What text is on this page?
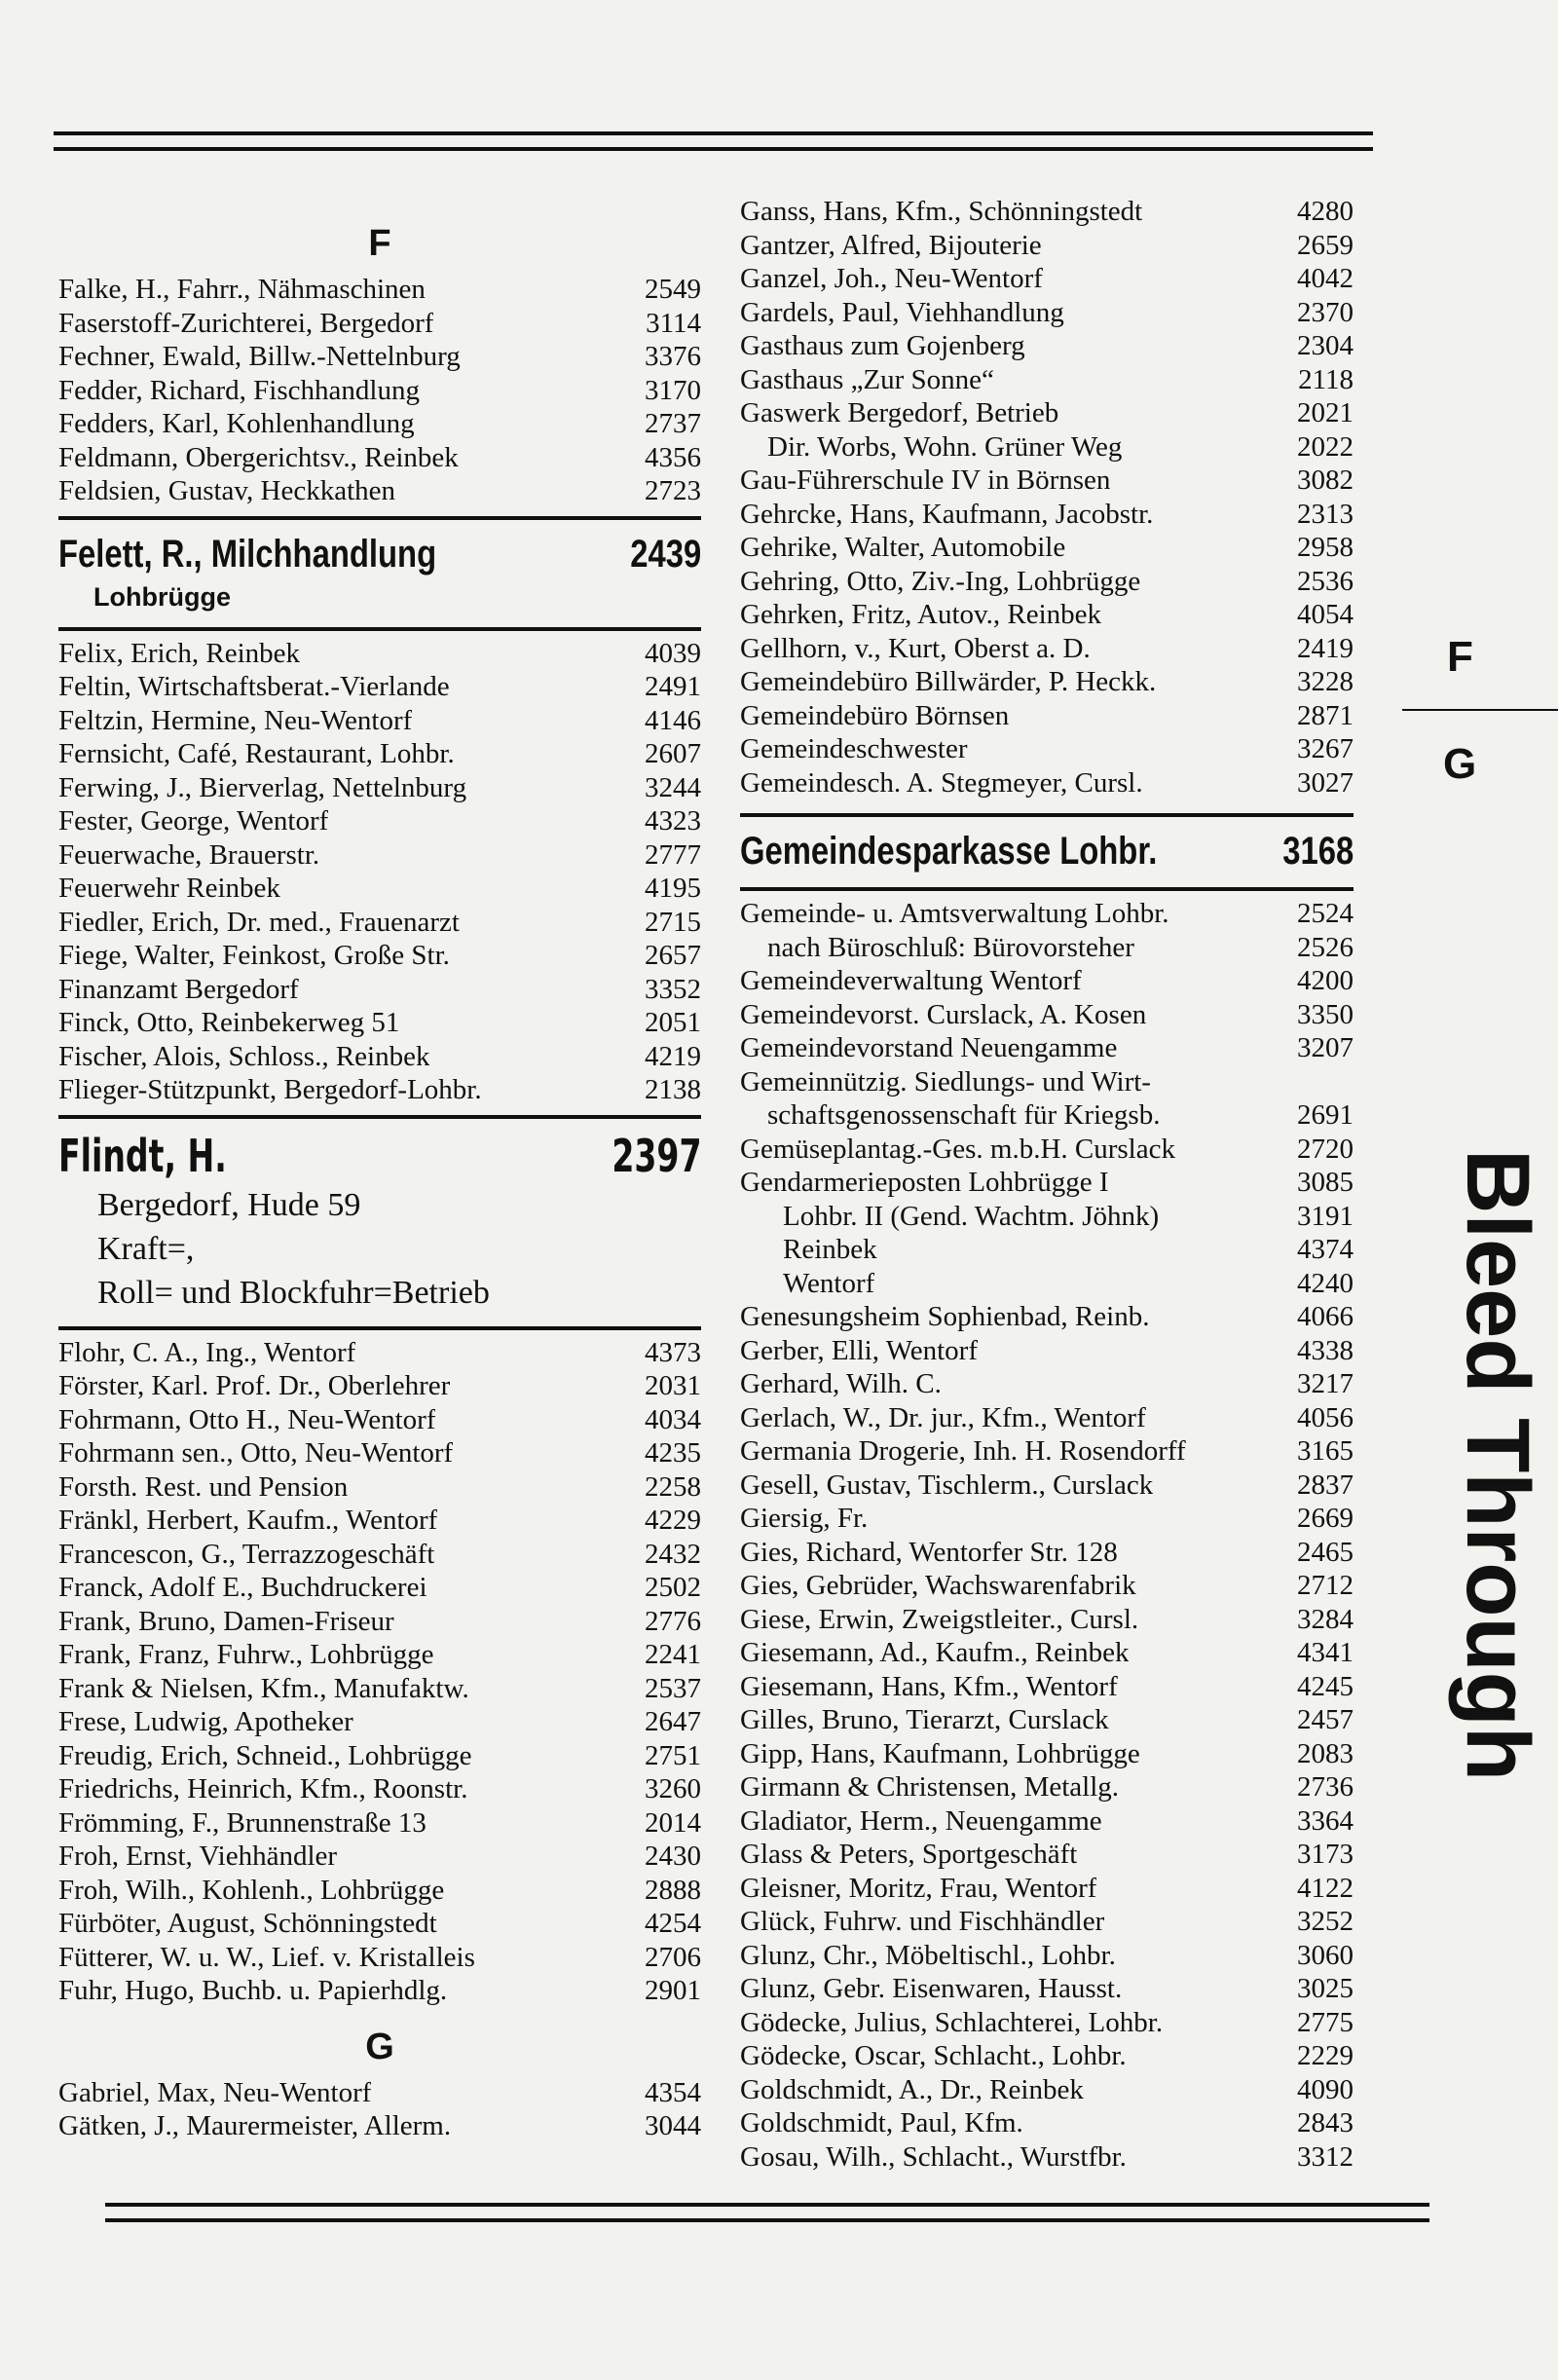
F
Falke, H., Fahrr., Nähmaschinen	2549
Faserstoff-Zurichterei, Bergedorf	3114
Fechner, Ewald, Billw.-Nettelnburg	3376
Fedder, Richard, Fischhandlung	3170
Fedders, Karl, Kohlenhandlung	2737
Feldmann, Obergerichtsv., Reinbek	4356
Feldsien, Gustav, Heckkathen	2723
Felett, R., Milchhandlung	2439
Lohbrügge
Felix, Erich, Reinbek	4039
Feltin, Wirtschaftsberat.-Vierlande	2491
Feltzin, Hermine, Neu-Wentorf	4146
Fernsicht, Café, Restaurant, Lohbr.	2607
Ferwing, J., Bierverlag, Nettelnburg	3244
Fester, George, Wentorf	4323
Feuerwache, Brauerstr.	2777
Feuerwehr Reinbek	4195
Fiedler, Erich, Dr. med., Frauenarzt	2715
Fiege, Walter, Feinkost, Große Str.	2657
Finanzamt Bergedorf	3352
Finck, Otto, Reinbekerweg 51	2051
Fischer, Alois, Schloss., Reinbek	4219
Flieger-Stützpunkt, Bergedorf-Lohbr.	2138
Flindt, H.	2397
Bergedorf, Hude 59
Kraft=,
Roll= und Blockfuhr=Betrieb
Flohr, C. A., Ing., Wentorf	4373
Förster, Karl. Prof. Dr., Oberlehrer	2031
Fohrmann, Otto H., Neu-Wentorf	4034
Fohrmann sen., Otto, Neu-Wentorf	4235
Forsth. Rest. und Pension	2258
Fränkl, Herbert, Kaufm., Wentorf	4229
Francescon, G., Terrazzogeschäft	2432
Franck, Adolf E., Buchdruckerei	2502
Frank, Bruno, Damen-Friseur	2776
Frank, Franz, Fuhrw., Lohbrügge	2241
Frank & Nielsen, Kfm., Manufaktw.	2537
Frese, Ludwig, Apotheker	2647
Freudig, Erich, Schneid., Lohbrügge	2751
Friedrichs, Heinrich, Kfm., Roonstr.	3260
Frömming, F., Brunnenstraße 13	2014
Froh, Ernst, Viehhändler	2430
Froh, Wilh., Kohlenh., Lohbrügge	2888
Fürböter, August, Schönningstedt	4254
Fütterer, W. u. W., Lief. v. Kristalleis	2706
Fuhr, Hugo, Buchb. u. Papierhdlg.	2901
G
Gabriel, Max, Neu-Wentorf	4354
Gätken, J., Maurermeister, Allerm.	3044
Ganss, Hans, Kfm., Schönningstedt	4280
Gantzer, Alfred, Bijouterie	2659
Ganzel, Joh., Neu-Wentorf	4042
Gardels, Paul, Viehhandlung	2370
Gasthaus zum Gojenberg	2304
Gasthaus „Zur Sonne“	2118
Gaswerk Bergedorf, Betrieb	2021
Dir. Worbs, Wohn. Grüner Weg	2022
Gau-Führerschule IV in Börnsen	3082
Gehrcke, Hans, Kaufmann, Jacobstr.	2313
Gehrike, Walter, Automobile	2958
Gehring, Otto, Ziv.-Ing, Lohbrügge	2536
Gehrken, Fritz, Autov., Reinbek	4054
Gellhorn, v., Kurt, Oberst a. D.	2419
Gemeindebüro Billwärder, P. Heckk.	3228
Gemeindebüro Börnsen	2871
Gemeindeschwester	3267
Gemeindesch. A. Stegmeyer, Cursl.	3027
Gemeindesparkasse Lohbr.	3168
Gemeinde- u. Amtsverwaltung Lohbr.	2524
nach Büroschluß: Bürovorsteher	2526
Gemeindeverwaltung Wentorf	4200
Gemeindevorst. Curslack, A. Kosen	3350
Gemeindevorstand Neuengamme	3207
Gemeinnützig. Siedlungs- und Wirt-
schaftsgenossenschaft für Kriegsb.	2691
Gemüseplantag.-Ges. m.b.H. Curslack	2720
Gendarmerieposten Lohbrügge I	3085
Lohbr. II (Gend. Wachtm. Jöhnk)	3191
Reinbek	4374
Wentorf	4240
Genesungsheim Sophienbad, Reinb.	4066
Gerber, Elli, Wentorf	4338
Gerhard, Wilh. C.	3217
Gerlach, W., Dr. jur., Kfm., Wentorf	4056
Germania Drogerie, Inh. H. Rosendorff	3165
Gesell, Gustav, Tischlerm., Curslack	2837
Giersig, Fr.	2669
Gies, Richard, Wentorfer Str. 128	2465
Gies, Gebrüder, Wachswarenfabrik	2712
Giese, Erwin, Zweigstleiter., Cursl.	3284
Giesemann, Ad., Kaufm., Reinbek	4341
Giesemann, Hans, Kfm., Wentorf	4245
Gilles, Bruno, Tierarzt, Curslack	2457
Gipp, Hans, Kaufmann, Lohbrügge	2083
Girmann & Christensen, Metallg.	2736
Gladiator, Herm., Neuengamme	3364
Glass & Peters, Sportgeschäft	3173
Gleisner, Moritz, Frau, Wentorf	4122
Glück, Fuhrw. und Fischhändler	3252
Glunz, Chr., Möbeltischl., Lohbr.	3060
Glunz, Gebr. Eisenwaren, Hausst.	3025
Gödecke, Julius, Schlachterei, Lohbr.	2775
Gödecke, Oscar, Schlacht., Lohbr.	2229
Goldschmidt, A., Dr., Reinbek	4090
Goldschmidt, Paul, Kfm.	2843
Gosau, Wilh., Schlacht., Wurstfbr.	3312
F
G
Bleed Through
